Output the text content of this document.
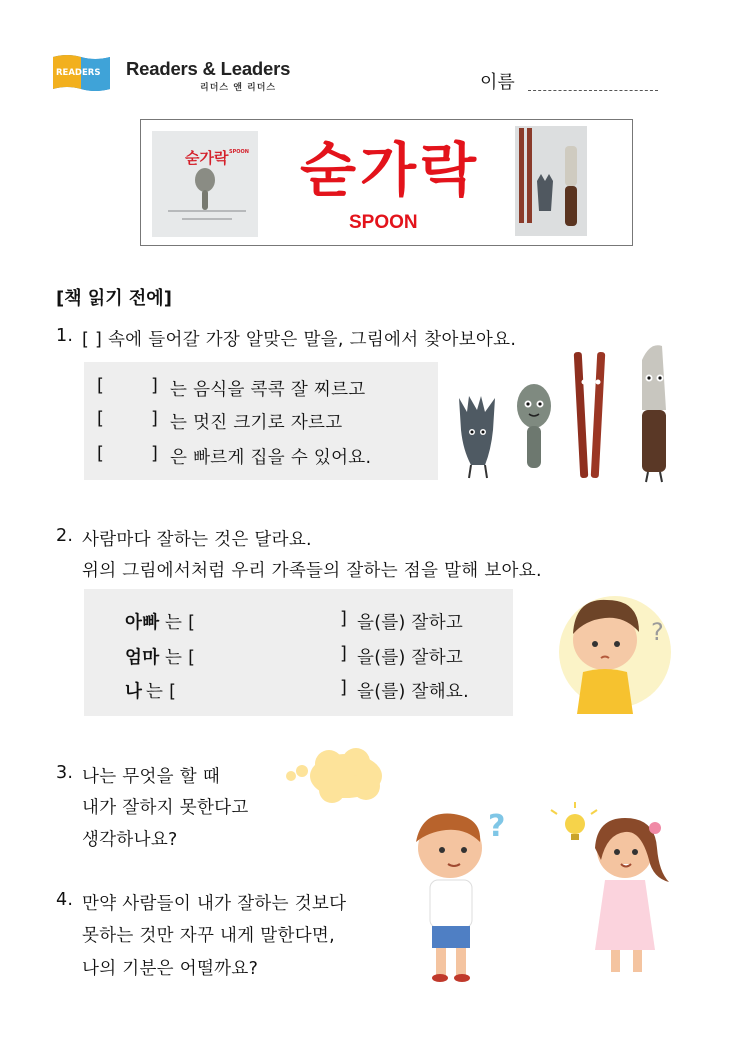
READERS Readers & Leaders
리더스 앤 리더스	이름
숟가락 SPOON 숟가락
SPOON
[책 읽기 전에]
1. [ ] 속에 들어갈 가장 알맞은 말을, 그림에서 찾아보아요.
[        ] 는 음식을 콕콕 잘 찌르고
[        ] 는 멋진 크기로 자르고
[        ] 은 빠르게 집을 수 있어요.
2. 사람마다 잘하는 것은 달라요.
위의 그림에서처럼 우리 가족들의 잘하는 점을 말해 보아요.
아빠 는 [	] 을(를) 잘하고
엄마 는 [	] 을(를) 잘하고
나 는 [	] 을(를) 잘해요.
?
3. 나는 무엇을 할 때
내가 잘하지 못한다고
생각하나요?
4. 만약 사람들이 내가 잘하는 것보다
못하는 것만 자꾸 내게 말한다면,
나의 기분은 어떨까요?
?
